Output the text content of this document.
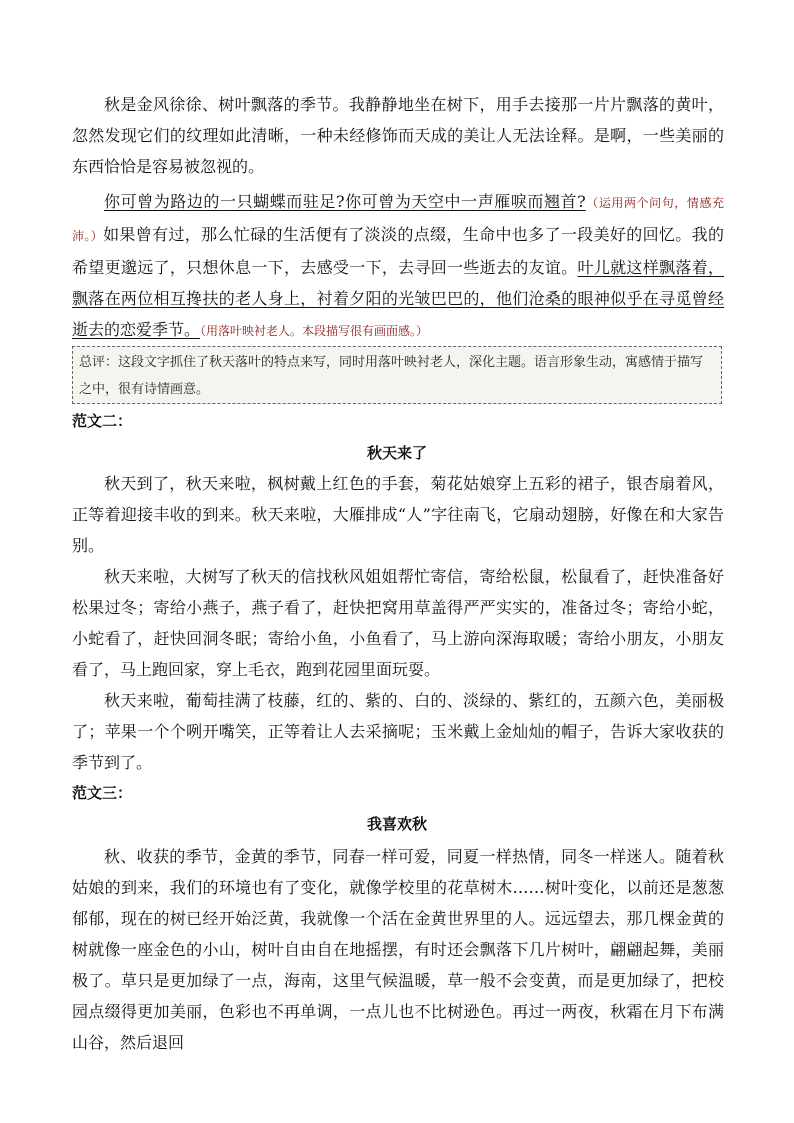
秋是金风徐徐、树叶飘落的季节。我静静地坐在树下，用手去接那一片片飘落的黄叶，忽然发现它们的纹理如此清晰，一种未经修饰而天成的美让人无法诠释。是啊，一些美丽的东西恰恰是容易被忽视的。

你可曾为路边的一只蝴蝶而驻足?你可曾为天空中一声雁唳而翘首?（运用两个问句，情感充沛。）如果曾有过，那么忙碌的生活便有了淡淡的点缀，生命中也多了一段美好的回忆。我的希望更邈远了，只想休息一下，去感受一下，去寻回一些逝去的友谊。叶儿就这样飘落着，飘落在两位相互搀扶的老人身上，衬着夕阳的光皱巴巴的，他们沧桑的眼神似乎在寻觅曾经逝去的恋爱季节。（用落叶映衬老人。本段描写很有画面感。）

总评：这段文字抓住了秋天落叶的特点来写，同时用落叶映衬老人，深化主题。语言形象生动，寓感情于描写之中，很有诗情画意。
范文二：
秋天来了

秋天到了，秋天来啦，枫树戴上红色的手套，菊花姑娘穿上五彩的裙子，银杏扇着风，正等着迎接丰收的到来。秋天来啦，大雁排成“人”字往南飞，它扇动翅膀，好像在和大家告别。

秋天来啦，大树写了秋天的信找秋风姐姐帮忙寄信，寄给松鼠，松鼠看了，赶快准备好松果过冬；寄给小燕子，燕子看了，赶快把窝用草盖得严严实实的，准备过冬；寄给小蛇，小蛇看了，赶快回洞冬眠；寄给小鱼，小鱼看了，马上游向深海取暖；寄给小朋友，小朋友看了，马上跑回家，穿上毛衣，跑到花园里面玩耍。

秋天来啦，葡萄挂满了枝藤，红的、紫的、白的、淡绿的、紫红的，五颜六色，美丽极了；苹果一个个咧开嘴笑，正等着让人去采摘呢；玉米戴上金灿灿的帽子，告诉大家收获的季节到了。

范文三：
我喜欢秋

秋、收获的季节，金黄的季节，同春一样可爱，同夏一样热情，同冬一样迷人。随着秋姑娘的到来，我们的环境也有了变化，就像学校里的花草树木……树叶变化，以前还是葱葱郁郁，现在的树已经开始泛黄，我就像一个活在金黄世界里的人。远远望去，那几棵金黄的树就像一座金色的小山，树叶自由自在地摇摆，有时还会飘落下几片树叶，翩翩起舞，美丽极了。草只是更加绿了一点，海南，这里气候温暖，草一般不会变黄，而是更加绿了，把校园点缀得更加美丽，色彩也不再单调，一点儿也不比树逊色。再过一两夜，秋霜在月下布满山谷，然后退回
